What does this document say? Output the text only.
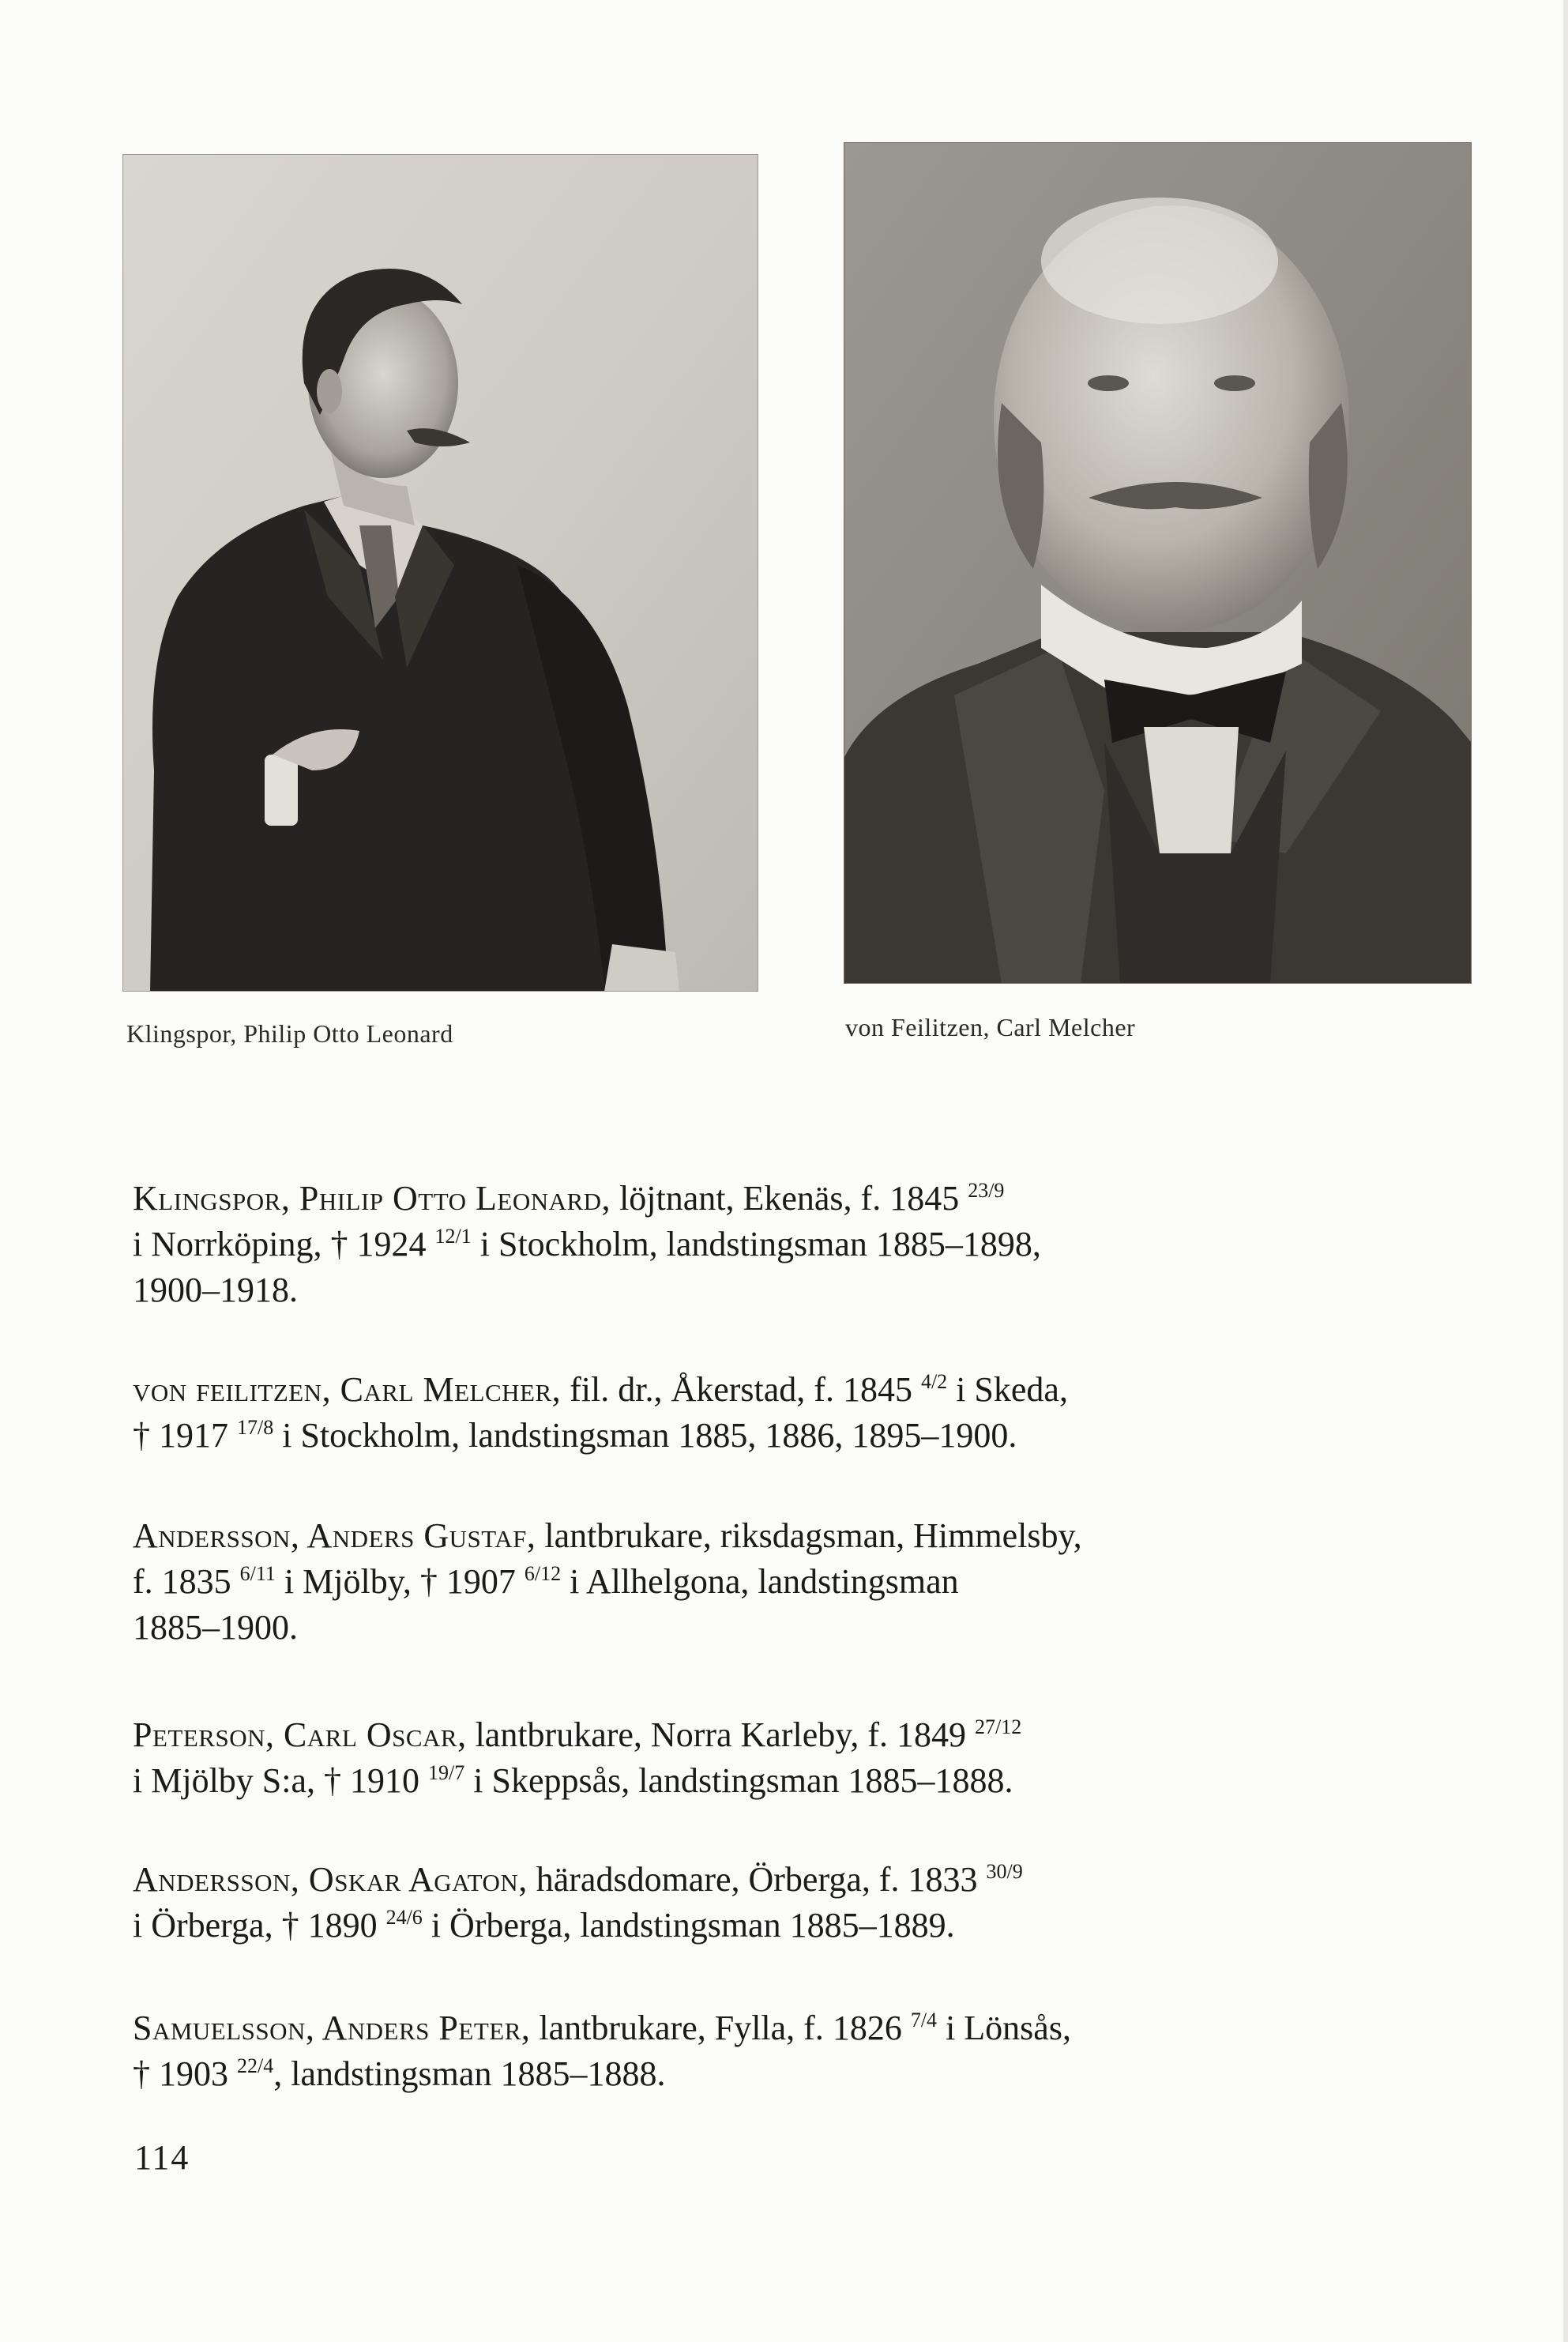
Klingspor, Philip Otto Leonard	von Feilitzen, Carl Melcher
Klingspor, Philip Otto Leonard, löjtnant, Ekenäs, f. 1845 $^{23/9}$
i Norrköping, † 1924 $^{12/1}$ i Stockholm, landstingsman 1885–1898,
1900–1918.
von feilitzen, Carl Melcher, fil. dr., Åkerstad, f. 1845 $^{4/2}$ i Skeda,
† 1917 $^{17/8}$ i Stockholm, landstingsman 1885, 1886, 1895–1900.
Andersson, Anders Gustaf, lantbrukare, riksdagsman, Himmelsby,
f. 1835 $^{6/11}$ i Mjölby, † 1907 $^{6/12}$ i Allhelgona, landstingsman
1885–1900.
Peterson, Carl Oscar, lantbrukare, Norra Karleby, f. 1849 $^{27/12}$
i Mjölby S:a, † 1910 $^{19/7}$ i Skeppsås, landstingsman 1885–1888.
Andersson, Oskar Agaton, häradsdomare, Örberga, f. 1833 $^{30/9}$
i Örberga, † 1890 $^{24/6}$ i Örberga, landstingsman 1885–1889.
Samuelsson, Anders Peter, lantbrukare, Fylla, f. 1826 $^{7/4}$ i Lönsås,
† 1903 $^{22/4}$, landstingsman 1885–1888.
114
